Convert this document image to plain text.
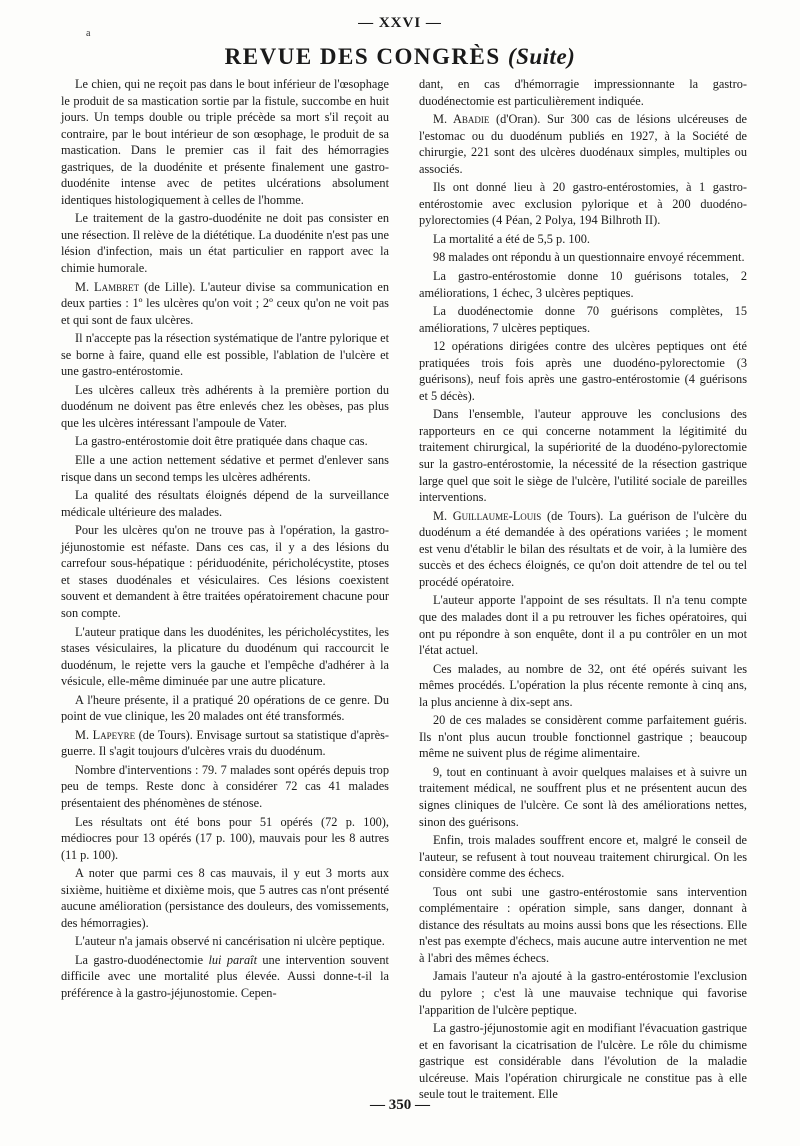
a
— XXVI —
REVUE DES CONGRÈS (Suite)

Le chien, qui ne reçoit pas dans le bout inférieur de l'œsophage le produit de sa mastication sortie par la fistule, succombe en huit jours. Un temps double ou triple précède sa mort s'il reçoit au contraire, par le bout intérieur de son œsophage, le produit de sa mastication. Dans le premier cas il fait des hémorragies gastriques, de la duodénite et présente finalement une gastro-duodénite intense avec de petites ulcérations absolument identiques histologiquement à celles de l'homme.

Le traitement de la gastro-duodénite ne doit pas consister en une résection. Il relève de la diététique. La duodénite n'est pas une lésion d'infection, mais un état particulier en rapport avec la chimie humorale.

M. Lambret (de Lille). L'auteur divise sa communication en deux parties : 1º les ulcères qu'on voit ; 2º ceux qu'on ne voit pas et qui sont de faux ulcères.

Il n'accepte pas la résection systématique de l'antre pylorique et se borne à faire, quand elle est possible, l'ablation de l'ulcère et une gastro-entérostomie.

Les ulcères calleux très adhérents à la première portion du duodénum ne doivent pas être enlevés chez les obèses, pas plus que les ulcères intéressant l'ampoule de Vater.

La gastro-entérostomie doit être pratiquée dans chaque cas.

Elle a une action nettement sédative et permet d'enlever sans risque dans un second temps les ulcères adhérents.

La qualité des résultats éloignés dépend de la surveillance médicale ultérieure des malades.

Pour les ulcères qu'on ne trouve pas à l'opération, la gastro-jéjunostomie est néfaste. Dans ces cas, il y a des lésions du carrefour sous-hépatique : périduodénite, péricholécystite, ptoses et stases duodénales et vésiculaires. Ces lésions coexistent souvent et demandent à être traitées opératoirement chacune pour son compte.

L'auteur pratique dans les duodénites, les péricholécystites, les stases vésiculaires, la plicature du duodénum qui raccourcit le duodénum, le rejette vers la gauche et l'empêche d'adhérer à la vésicule, elle-même diminuée par une autre plicature.

A l'heure présente, il a pratiqué 20 opérations de ce genre. Du point de vue clinique, les 20 malades ont été transformés.

M. Lapeyre (de Tours). Envisage surtout sa statistique d'après-guerre. Il s'agit toujours d'ulcères vrais du duodénum.

Nombre d'interventions : 79. 7 malades sont opérés depuis trop peu de temps. Reste donc à considérer 72 cas 41 malades présentaient des phénomènes de sténose.

Les résultats ont été bons pour 51 opérés (72 p. 100), médiocres pour 13 opérés (17 p. 100), mauvais pour les 8 autres (11 p. 100).

A noter que parmi ces 8 cas mauvais, il y eut 3 morts aux sixième, huitième et dixième mois, que 5 autres cas n'ont présenté aucune amélioration (persistance des douleurs, des vomissements, des hémorragies).

L'auteur n'a jamais observé ni cancérisation ni ulcère peptique.

La gastro-duodénectomie lui paraît une intervention souvent difficile avec une mortalité plus élevée. Aussi donne-t-il la préférence à la gastro-jéjunostomie. Cepen-

dant, en cas d'hémorragie impressionnante la gastro-duodénectomie est particulièrement indiquée.

M. Abadie (d'Oran). Sur 300 cas de lésions ulcéreuses de l'estomac ou du duodénum publiés en 1927, à la Société de chirurgie, 221 sont des ulcères duodénaux simples, multiples ou associés.

Ils ont donné lieu à 20 gastro-entérostomies, à 1 gastro-entérostomie avec exclusion pylorique et à 200 duodéno-pylorectomies (4 Péan, 2 Polya, 194 Bilhroth II).

La mortalité a été de 5,5 p. 100.

98 malades ont répondu à un questionnaire envoyé récemment.

La gastro-entérostomie donne 10 guérisons totales, 2 améliorations, 1 échec, 3 ulcères peptiques.

La duodénectomie donne 70 guérisons complètes, 15 améliorations, 7 ulcères peptiques.

12 opérations dirigées contre des ulcères peptiques ont été pratiquées trois fois après une duodéno-pylorectomie (3 guérisons), neuf fois après une gastro-entérostomie (4 guérisons et 5 décès).

Dans l'ensemble, l'auteur approuve les conclusions des rapporteurs en ce qui concerne notamment la légitimité du traitement chirurgical, la supériorité de la duodéno-pylorectomie sur la gastro-entérostomie, la nécessité de la résection gastrique large quel que soit le siège de l'ulcère, l'utilité sociale de pareilles interventions.

M. Guillaume-Louis (de Tours). La guérison de l'ulcère du duodénum a été demandée à des opérations variées ; le moment est venu d'établir le bilan des résultats et de voir, à la lumière des succès et des échecs éloignés, ce qu'on doit attendre de tel ou tel procédé opératoire.

L'auteur apporte l'appoint de ses résultats. Il n'a tenu compte que des malades dont il a pu retrouver les fiches opératoires, qui ont pu répondre à son enquête, dont il a pu contrôler en un mot l'état actuel.

Ces malades, au nombre de 32, ont été opérés suivant les mêmes procédés. L'opération la plus récente remonte à cinq ans, la plus ancienne à dix-sept ans.

20 de ces malades se considèrent comme parfaitement guéris. Ils n'ont plus aucun trouble fonctionnel gastrique ; beaucoup même ne suivent plus de régime alimentaire.

9, tout en continuant à avoir quelques malaises et à suivre un traitement médical, ne souffrent plus et ne présentent aucun des signes cliniques de l'ulcère. Ce sont là des améliorations nettes, sinon des guérisons.

Enfin, trois malades souffrent encore et, malgré le conseil de l'auteur, se refusent à tout nouveau traitement chirurgical. On les considère comme des échecs.

Tous ont subi une gastro-entérostomie sans intervention complémentaire : opération simple, sans danger, donnant à distance des résultats au moins aussi bons que les résections. Elle n'est pas exempte d'échecs, mais aucune autre intervention ne met à l'abri des mêmes échecs.

Jamais l'auteur n'a ajouté à la gastro-entérostomie l'exclusion du pylore ; c'est là une mauvaise technique qui favorise l'apparition de l'ulcère peptique.

La gastro-jéjunostomie agit en modifiant l'évacuation gastrique et en favorisant la cicatrisation de l'ulcère. Le rôle du chimisme gastrique est considérable dans l'évolution de la maladie ulcéreuse. Mais l'opération chirurgicale ne constitue pas à elle seule tout le traitement. Elle

— 350 —
